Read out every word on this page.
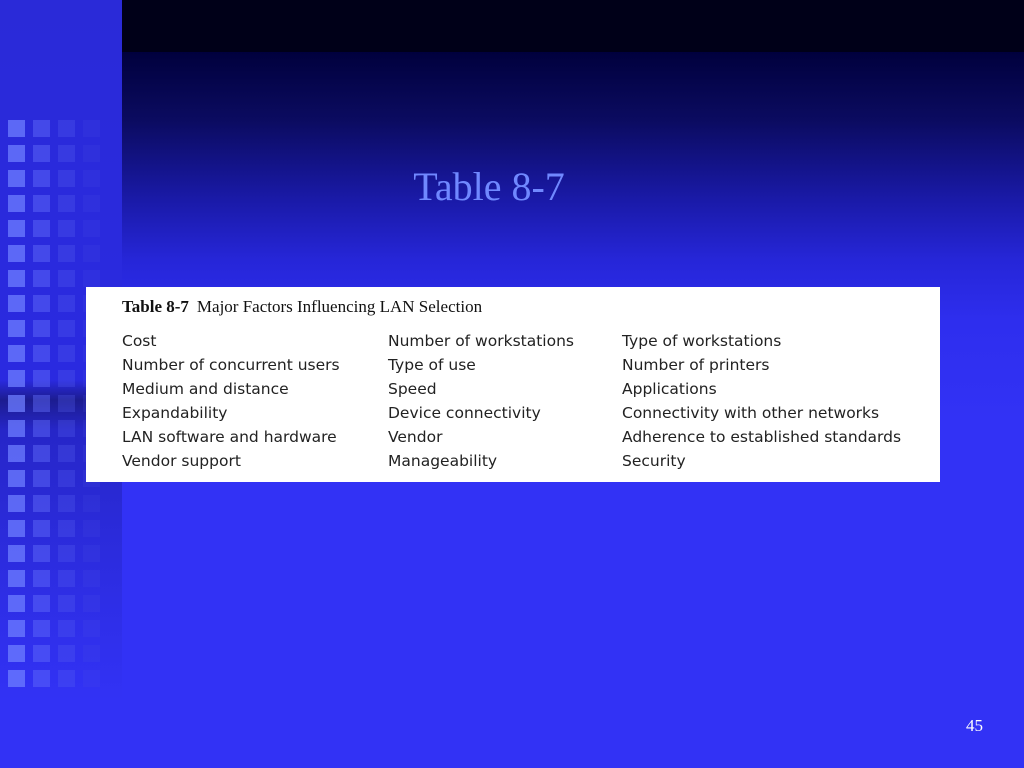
Table 8-7
Table 8-7 Major Factors Influencing LAN Selection
Cost	Number of workstations	Type of workstations
Number of concurrent users	Type of use	Number of printers
Medium and distance	Speed	Applications
Expandability	Device connectivity	Connectivity with other networks
LAN software and hardware	Vendor	Adherence to established standards
Vendor support	Manageability	Security
45
